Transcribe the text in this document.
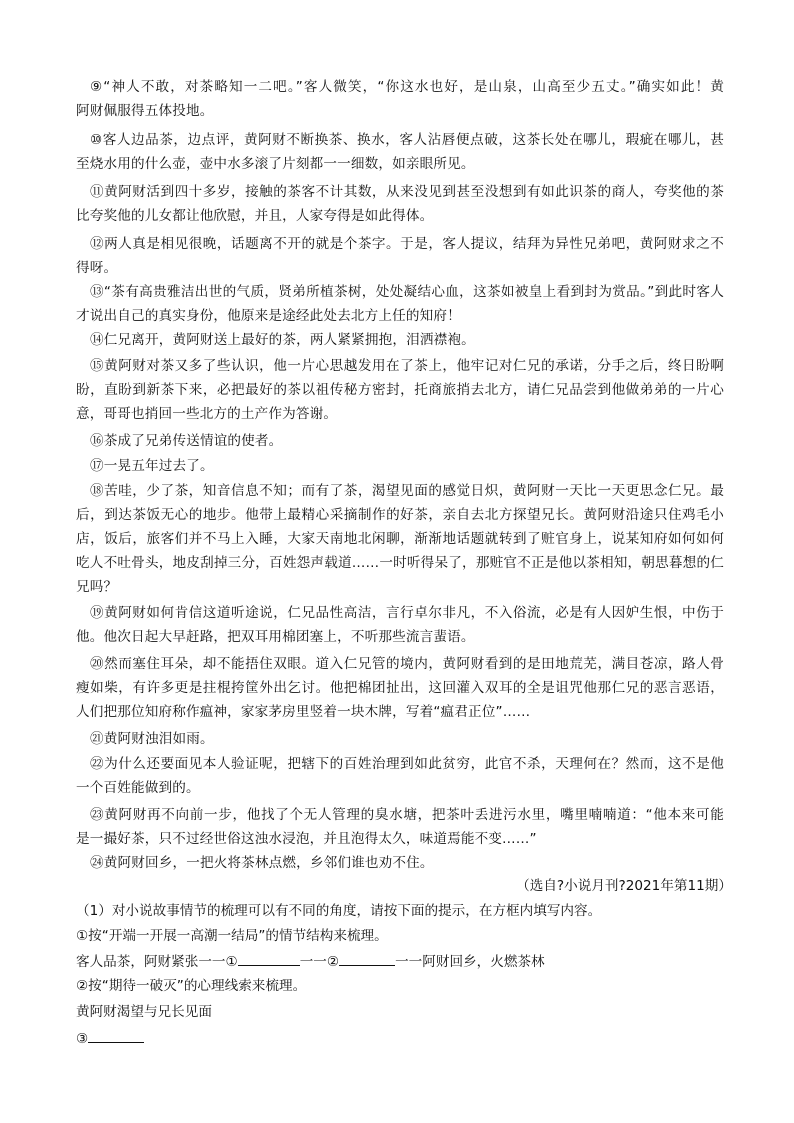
⑨“神人不敢，对茶略知一二吧。”客人微笑，“你这水也好，是山泉，山高至少五丈。”确实如此！黄
阿财佩服得五体投地。
⑩客人边品茶，边点评，黄阿财不断换茶、换水，客人沾唇便点破，这茶长处在哪儿，瑕疵在哪儿，甚
至烧水用的什么壶，壶中水多滚了片刻都一一细数，如亲眼所见。
⑪黄阿财活到四十多岁，接触的茶客不计其数，从来没见到甚至没想到有如此识茶的商人，夸奖他的茶
比夸奖他的儿女都让他欣慰，并且，人家夸得是如此得体。
⑫两人真是相见很晚，话题离不开的就是个茶字。于是，客人提议，结拜为异性兄弟吧，黄阿财求之不
得呀。
⑬“茶有高贵雅洁出世的气质，贤弟所植茶树，处处凝结心血，这茶如被皇上看到封为赏品。”到此时客人
才说出自己的真实身份，他原来是途经此处去北方上任的知府！
⑭仁兄离开，黄阿财送上最好的茶，两人紧紧拥抱，泪洒襟袍。
⑮黄阿财对茶又多了些认识，他一片心思越发用在了茶上，他牢记对仁兄的承诺，分手之后，终日盼啊
盼，直盼到新茶下来，必把最好的茶以祖传秘方密封，托商旅捎去北方，请仁兄品尝到他做弟弟的一片心
意，哥哥也捎回一些北方的土产作为答谢。
⑯茶成了兄弟传送情谊的使者。
⑰一晃五年过去了。
⑱苦哇，少了茶，知音信息不知；而有了茶，渴望见面的感觉日炽，黄阿财一天比一天更思念仁兄。最
后，到达茶饭无心的地步。他带上最精心采摘制作的好茶，亲自去北方探望兄长。黄阿财沿途只住鸡毛小
店，饭后，旅客们并不马上入睡，大家天南地北闲聊，渐渐地话题就转到了赃官身上，说某知府如何如何
吃人不吐骨头，地皮刮掉三分，百姓怨声载道……一时听得呆了，那赃官不正是他以茶相知，朝思暮想的仁
兄吗？
⑲黄阿财如何肯信这道听途说，仁兄品性高洁，言行卓尔非凡，不入俗流，必是有人因妒生恨，中伤于
他。他次日起大早赶路，把双耳用棉团塞上，不听那些流言蜚语。
⑳然而塞住耳朵，却不能捂住双眼。道入仁兄管的境内，黄阿财看到的是田地荒芜，满目苍凉，路人骨
瘦如柴，有许多更是拄棍挎筐外出乞讨。他把棉团扯出，这回灌入双耳的全是诅咒他那仁兄的恶言恶语，
人们把那位知府称作瘟神，家家茅房里竖着一块木牌，写着“瘟君正位”……
㉑黄阿财浊泪如雨。
㉒为什么还要面见本人验证呢，把辖下的百姓治理到如此贫穷，此官不杀，天理何在？然而，这不是他
一个百姓能做到的。
㉓黄阿财再不向前一步，他找了个无人管理的臭水塘，把茶叶丢进污水里，嘴里喃喃道：“他本来可能
是一撮好茶，只不过经世俗这浊水浸泡，并且泡得太久，味道焉能不变……”
㉔黄阿财回乡，一把火将茶林点燃，乡邻们谁也劝不住。
（选自?小说月刊?2021年第11期）
（1）对小说故事情节的梳理可以有不同的角度，请按下面的提示，在方框内填写内容。
①按“开端一开展一高潮一结局”的情节结构来梳理。
客人品茶，阿财紧张一一①	一一②	一一阿财回乡，火燃茶林
②按“期待一破灭”的心理线索来梳理。
黄阿财渴望与兄长见面
③
